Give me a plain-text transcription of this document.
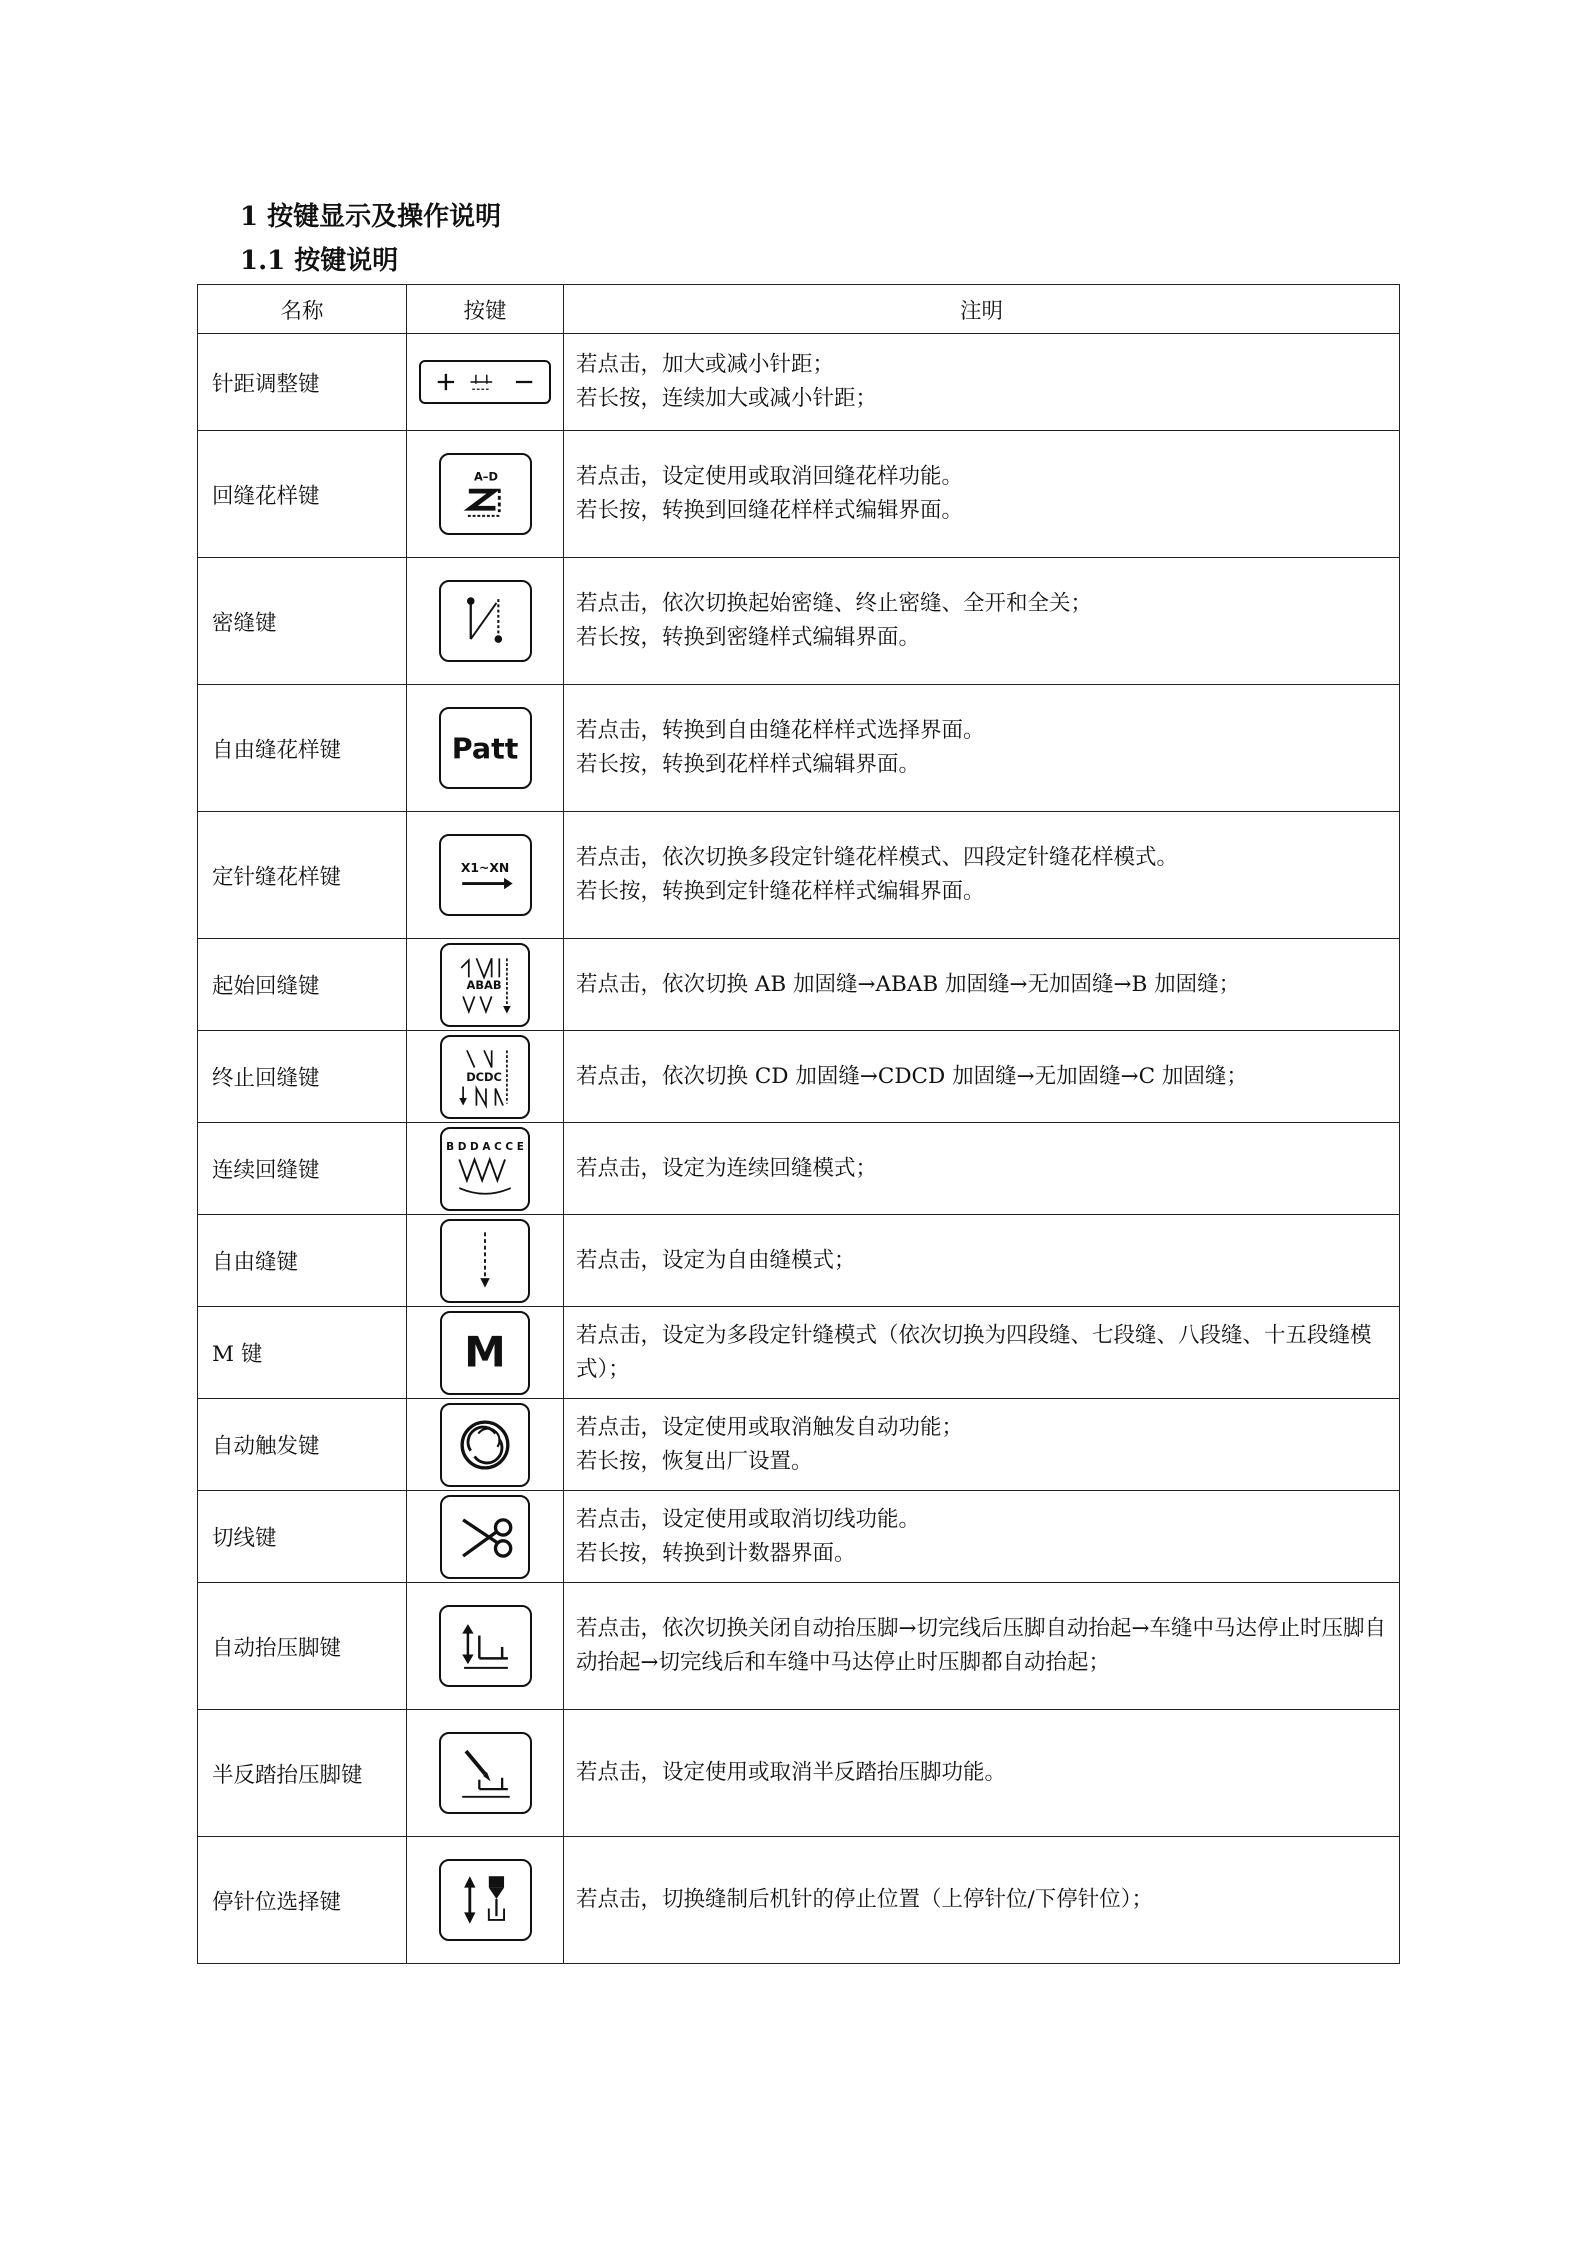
1 按键显示及操作说明
1.1 按键说明
名称	按键	注明
针距调整键		若点击，加大或减小针距；
若长按，连续加大或减小针距；

回缝花样键	A–D	若点击，设定使用或取消回缝花样功能。
若长按，转换到回缝花样样式编辑界面。

密缝键		若点击，依次切换起始密缝、终止密缝、全开和全关；
若长按，转换到密缝样式编辑界面。

自由缝花样键	Patt	若点击，转换到自由缝花样样式选择界面。
若长按，转换到花样样式编辑界面。

定针缝花样键	X1~XN	若点击，依次切换多段定针缝花样模式、四段定针缝花样模式。
若长按，转换到定针缝花样样式编辑界面。

起始回缝键	ABAB	若点击，依次切换 AB 加固缝→ABAB 加固缝→无加固缝→B 加固缝；

终止回缝键	DCDC	若点击，依次切换 CD 加固缝→CDCD 加固缝→无加固缝→C 加固缝；

连续回缝键	B D D A C C E	若点击，设定为连续回缝模式；

自由缝键		若点击，设定为自由缝模式；

M 键	M	若点击，设定为多段定针缝模式（依次切换为四段缝、七段缝、八段缝、十五段缝模式）；

自动触发键		若点击，设定使用或取消触发自动功能；
若长按，恢复出厂设置。

切线键		若点击，设定使用或取消切线功能。
若长按，转换到计数器界面。

自动抬压脚键		若点击，依次切换关闭自动抬压脚→切完线后压脚自动抬起→车缝中马达停止时压脚自动抬起→切完线后和车缝中马达停止时压脚都自动抬起；

半反踏抬压脚键		若点击，设定使用或取消半反踏抬压脚功能。

停针位选择键		若点击，切换缝制后机针的停止位置（上停针位/下停针位）；
